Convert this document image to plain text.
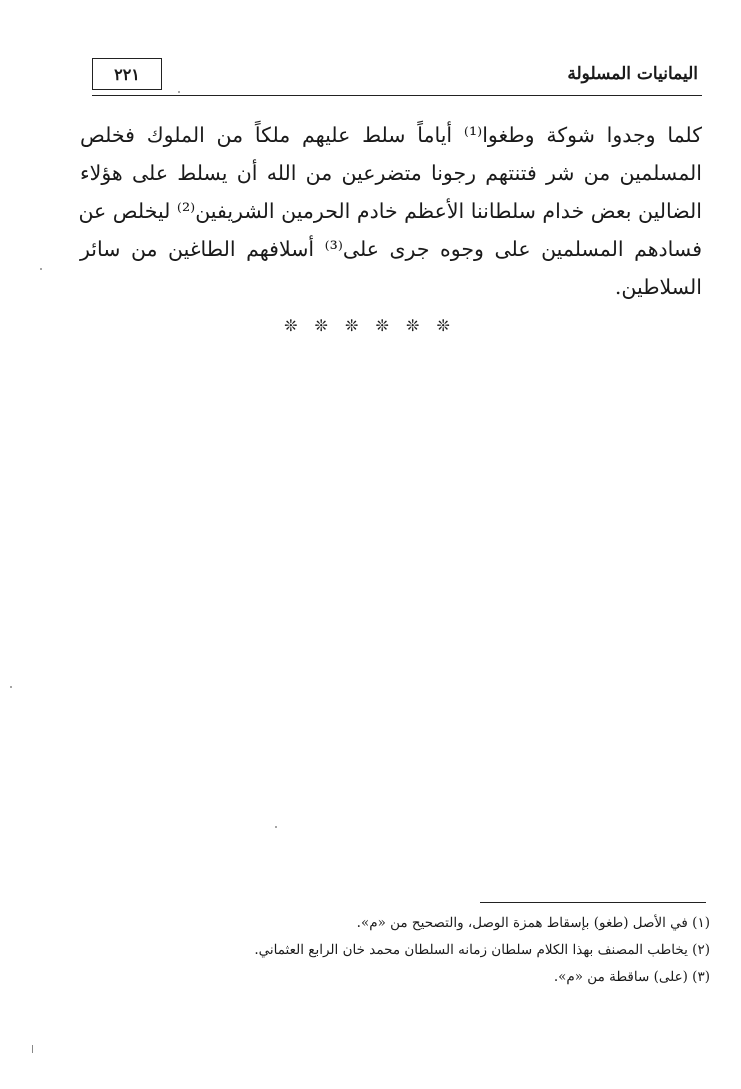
اليمانيات المسلولة
٢٢١
كلما وجدوا شوكة وطغوا⁽¹⁾ أياماً سلط عليهم ملكاً من الملوك فخلص
المسلمين من شر فتنتهم رجونا متضرعين من الله أن يسلط على هؤلاء
الضالين بعض خدام سلطاننا الأعظم خادم الحرمين الشريفين⁽²⁾ ليخلص عن
فسادهم المسلمين على وجوه جرى على⁽³⁾ أسلافهم الطاغين من سائر
السلاطين.
❊ ❊ ❊ ❊ ❊ ❊
(١) في الأصل (طغو) بإسقاط همزة الوصل، والتصحيح من «م».
(٢) يخاطب المصنف بهذا الكلام سلطان زمانه السلطان محمد خان الرابع العثماني.
(٣) (على) ساقطة من «م».
